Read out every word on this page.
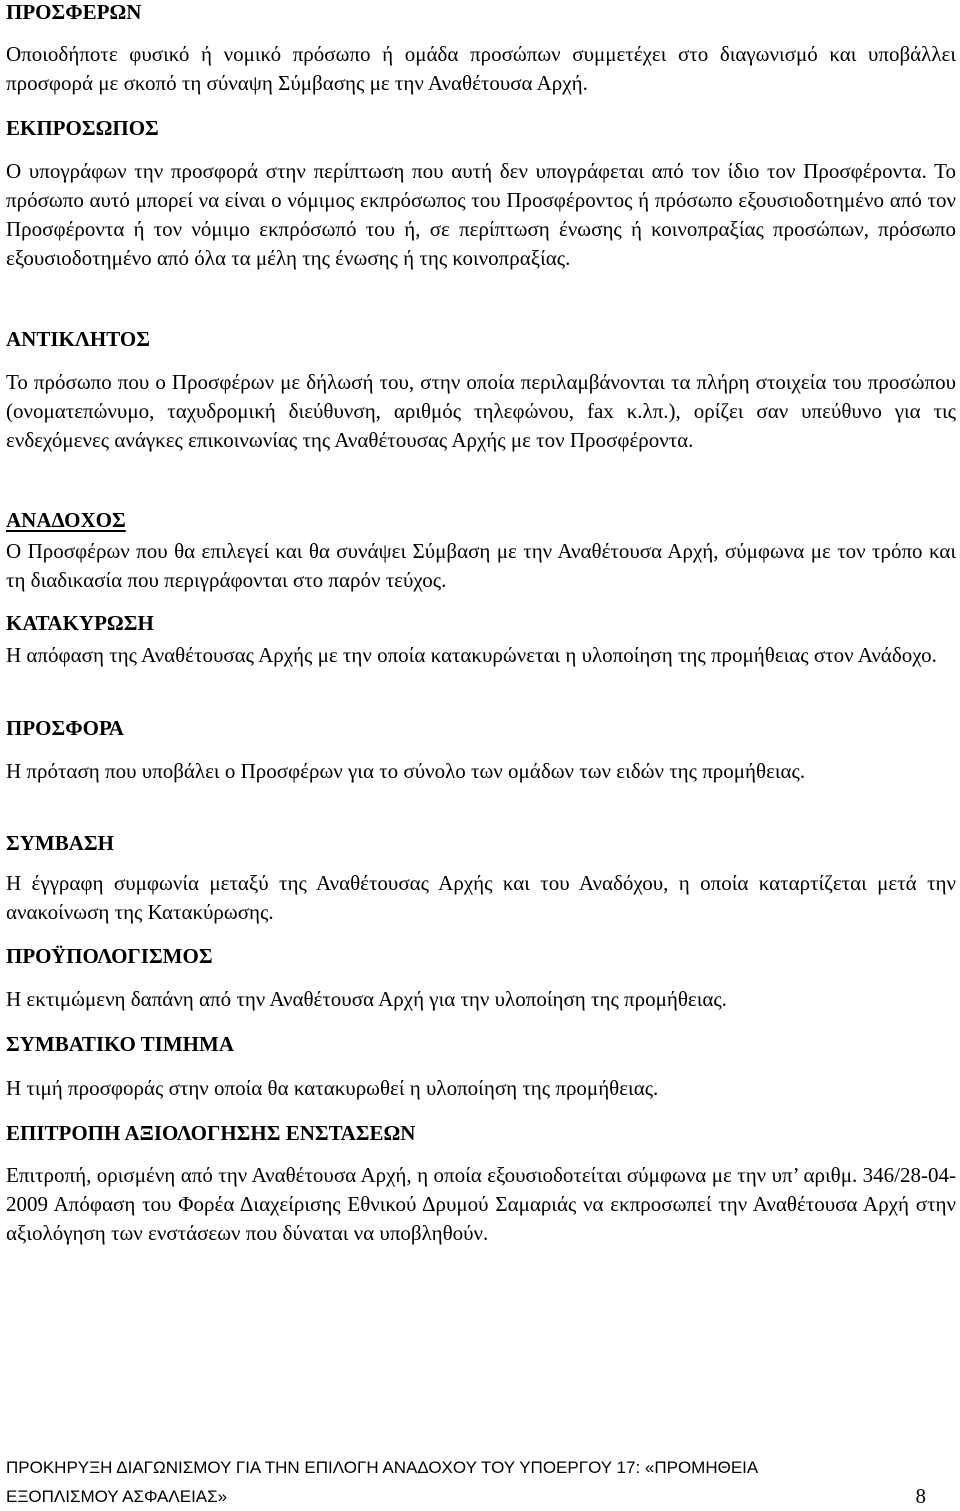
ΠΡΟΣΦΕΡΩΝ

Οποιοδήποτε φυσικό ή νομικό πρόσωπο ή ομάδα προσώπων συμμετέχει στο διαγωνισμό και υποβάλλει προσφορά με σκοπό τη σύναψη Σύμβασης με την Αναθέτουσα Αρχή.

ΕΚΠΡΟΣΩΠΟΣ

Ο υπογράφων την προσφορά στην περίπτωση που αυτή δεν υπογράφεται από τον ίδιο τον Προσφέροντα. Το πρόσωπο αυτό μπορεί να είναι ο νόμιμος εκπρόσωπος του Προσφέροντος ή πρόσωπο εξουσιοδοτημένο από τον Προσφέροντα ή τον νόμιμο εκπρόσωπό του ή, σε περίπτωση ένωσης ή κοινοπραξίας προσώπων, πρόσωπο εξουσιοδοτημένο από όλα τα μέλη της ένωσης ή της κοινοπραξίας.

ΑΝΤΙΚΛΗΤΟΣ

Το πρόσωπο που ο Προσφέρων με δήλωσή του, στην οποία περιλαμβάνονται τα πλήρη στοιχεία του προσώπου (ονοματεπώνυμο, ταχυδρομική διεύθυνση, αριθμός τηλεφώνου, fax κ.λπ.), ορίζει σαν υπεύθυνο για τις ενδεχόμενες ανάγκες επικοινωνίας της Αναθέτουσας Αρχής με τον Προσφέροντα.

ΑΝΑΔΟΧΟΣ

Ο Προσφέρων που θα επιλεγεί και θα συνάψει Σύμβαση με την Αναθέτουσα Αρχή, σύμφωνα με τον τρόπο και τη διαδικασία που περιγράφονται στο παρόν τεύχος.

ΚΑΤΑΚΥΡΩΣΗ

Η απόφαση της Αναθέτουσας Αρχής με την οποία κατακυρώνεται η υλοποίηση της προμήθειας στον Ανάδοχο.

ΠΡΟΣΦΟΡΑ

Η πρόταση που υποβάλει ο Προσφέρων για το σύνολο των ομάδων των ειδών της προμήθειας.

ΣΥΜΒΑΣΗ

Η έγγραφη συμφωνία μεταξύ της Αναθέτουσας Αρχής και του Αναδόχου, η οποία καταρτίζεται μετά την ανακοίνωση της Κατακύρωσης.

ΠΡΟΫΠΟΛΟΓΙΣΜΟΣ

Η εκτιμώμενη δαπάνη από την Αναθέτουσα Αρχή για την υλοποίηση της προμήθειας.

ΣΥΜΒΑΤΙΚΟ ΤΙΜΗΜΑ

Η τιμή προσφοράς στην οποία θα κατακυρωθεί η υλοποίηση της προμήθειας.

ΕΠΙΤΡΟΠΗ ΑΞΙΟΛΟΓΗΣΗΣ ΕΝΣΤΑΣΕΩΝ

Επιτροπή, ορισμένη από την Αναθέτουσα Αρχή, η οποία εξουσιοδοτείται σύμφωνα με την υπ’ αριθμ. 346/28-04-2009 Απόφαση του Φορέα Διαχείρισης Εθνικού Δρυμού Σαμαριάς να εκπροσωπεί την Αναθέτουσα Αρχή στην αξιολόγηση των ενστάσεων που δύναται να υποβληθούν.

ΠΡΟΚΗΡΥΞΗ ΔΙΑΓΩΝΙΣΜΟΥ ΓΙΑ ΤΗΝ ΕΠΙΛΟΓΗ ΑΝΑΔΟΧΟΥ ΤΟΥ ΥΠΟΕΡΓΟΥ 17: «ΠΡΟΜΗΘΕΙΑ
ΕΞΟΠΛΙΣΜΟΥ ΑΣΦΑΛΕΙΑΣ»	8
